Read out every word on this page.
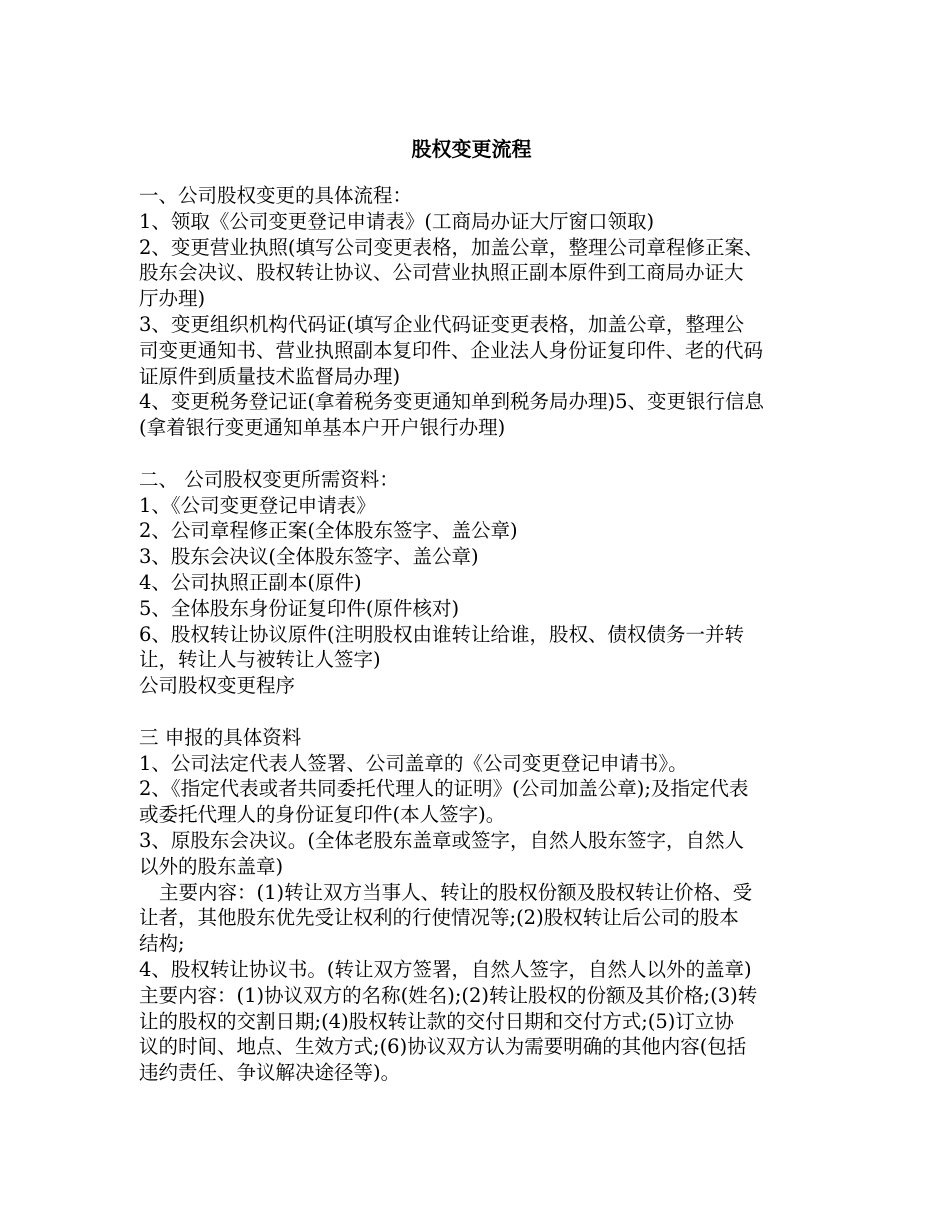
股权变更流程
一、公司股权变更的具体流程：
1、领取《公司变更登记申请表》(工商局办证大厅窗口领取)
2、变更营业执照(填写公司变更表格，加盖公章，整理公司章程修正案、
股东会决议、股权转让协议、公司营业执照正副本原件到工商局办证大
厅办理)
3、变更组织机构代码证(填写企业代码证变更表格，加盖公章，整理公
司变更通知书、营业执照副本复印件、企业法人身份证复印件、老的代码
证原件到质量技术监督局办理)
4、变更税务登记证(拿着税务变更通知单到税务局办理)5、变更银行信息
(拿着银行变更通知单基本户开户银行办理)
二、 公司股权变更所需资料：
1、《公司变更登记申请表》
2、公司章程修正案(全体股东签字、盖公章)
3、股东会决议(全体股东签字、盖公章)
4、公司执照正副本(原件)
5、全体股东身份证复印件(原件核对)
6、股权转让协议原件(注明股权由谁转让给谁，股权、债权债务一并转
让，转让人与被转让人签字)
公司股权变更程序
三 申报的具体资料
1、公司法定代表人签署、公司盖章的《公司变更登记申请书》。
2、《指定代表或者共同委托代理人的证明》(公司加盖公章);及指定代表
或委托代理人的身份证复印件(本人签字)。
3、原股东会决议。(全体老股东盖章或签字，自然人股东签字，自然人
以外的股东盖章)
主要内容：(1)转让双方当事人、转让的股权份额及股权转让价格、受
让者，其他股东优先受让权利的行使情况等;(2)股权转让后公司的股本
结构;
4、股权转让协议书。(转让双方签署，自然人签字，自然人以外的盖章)
主要内容：(1)协议双方的名称(姓名);(2)转让股权的份额及其价格;(3)转
让的股权的交割日期;(4)股权转让款的交付日期和交付方式;(5)订立协
议的时间、地点、生效方式;(6)协议双方认为需要明确的其他内容(包括
违约责任、争议解决途径等)。
